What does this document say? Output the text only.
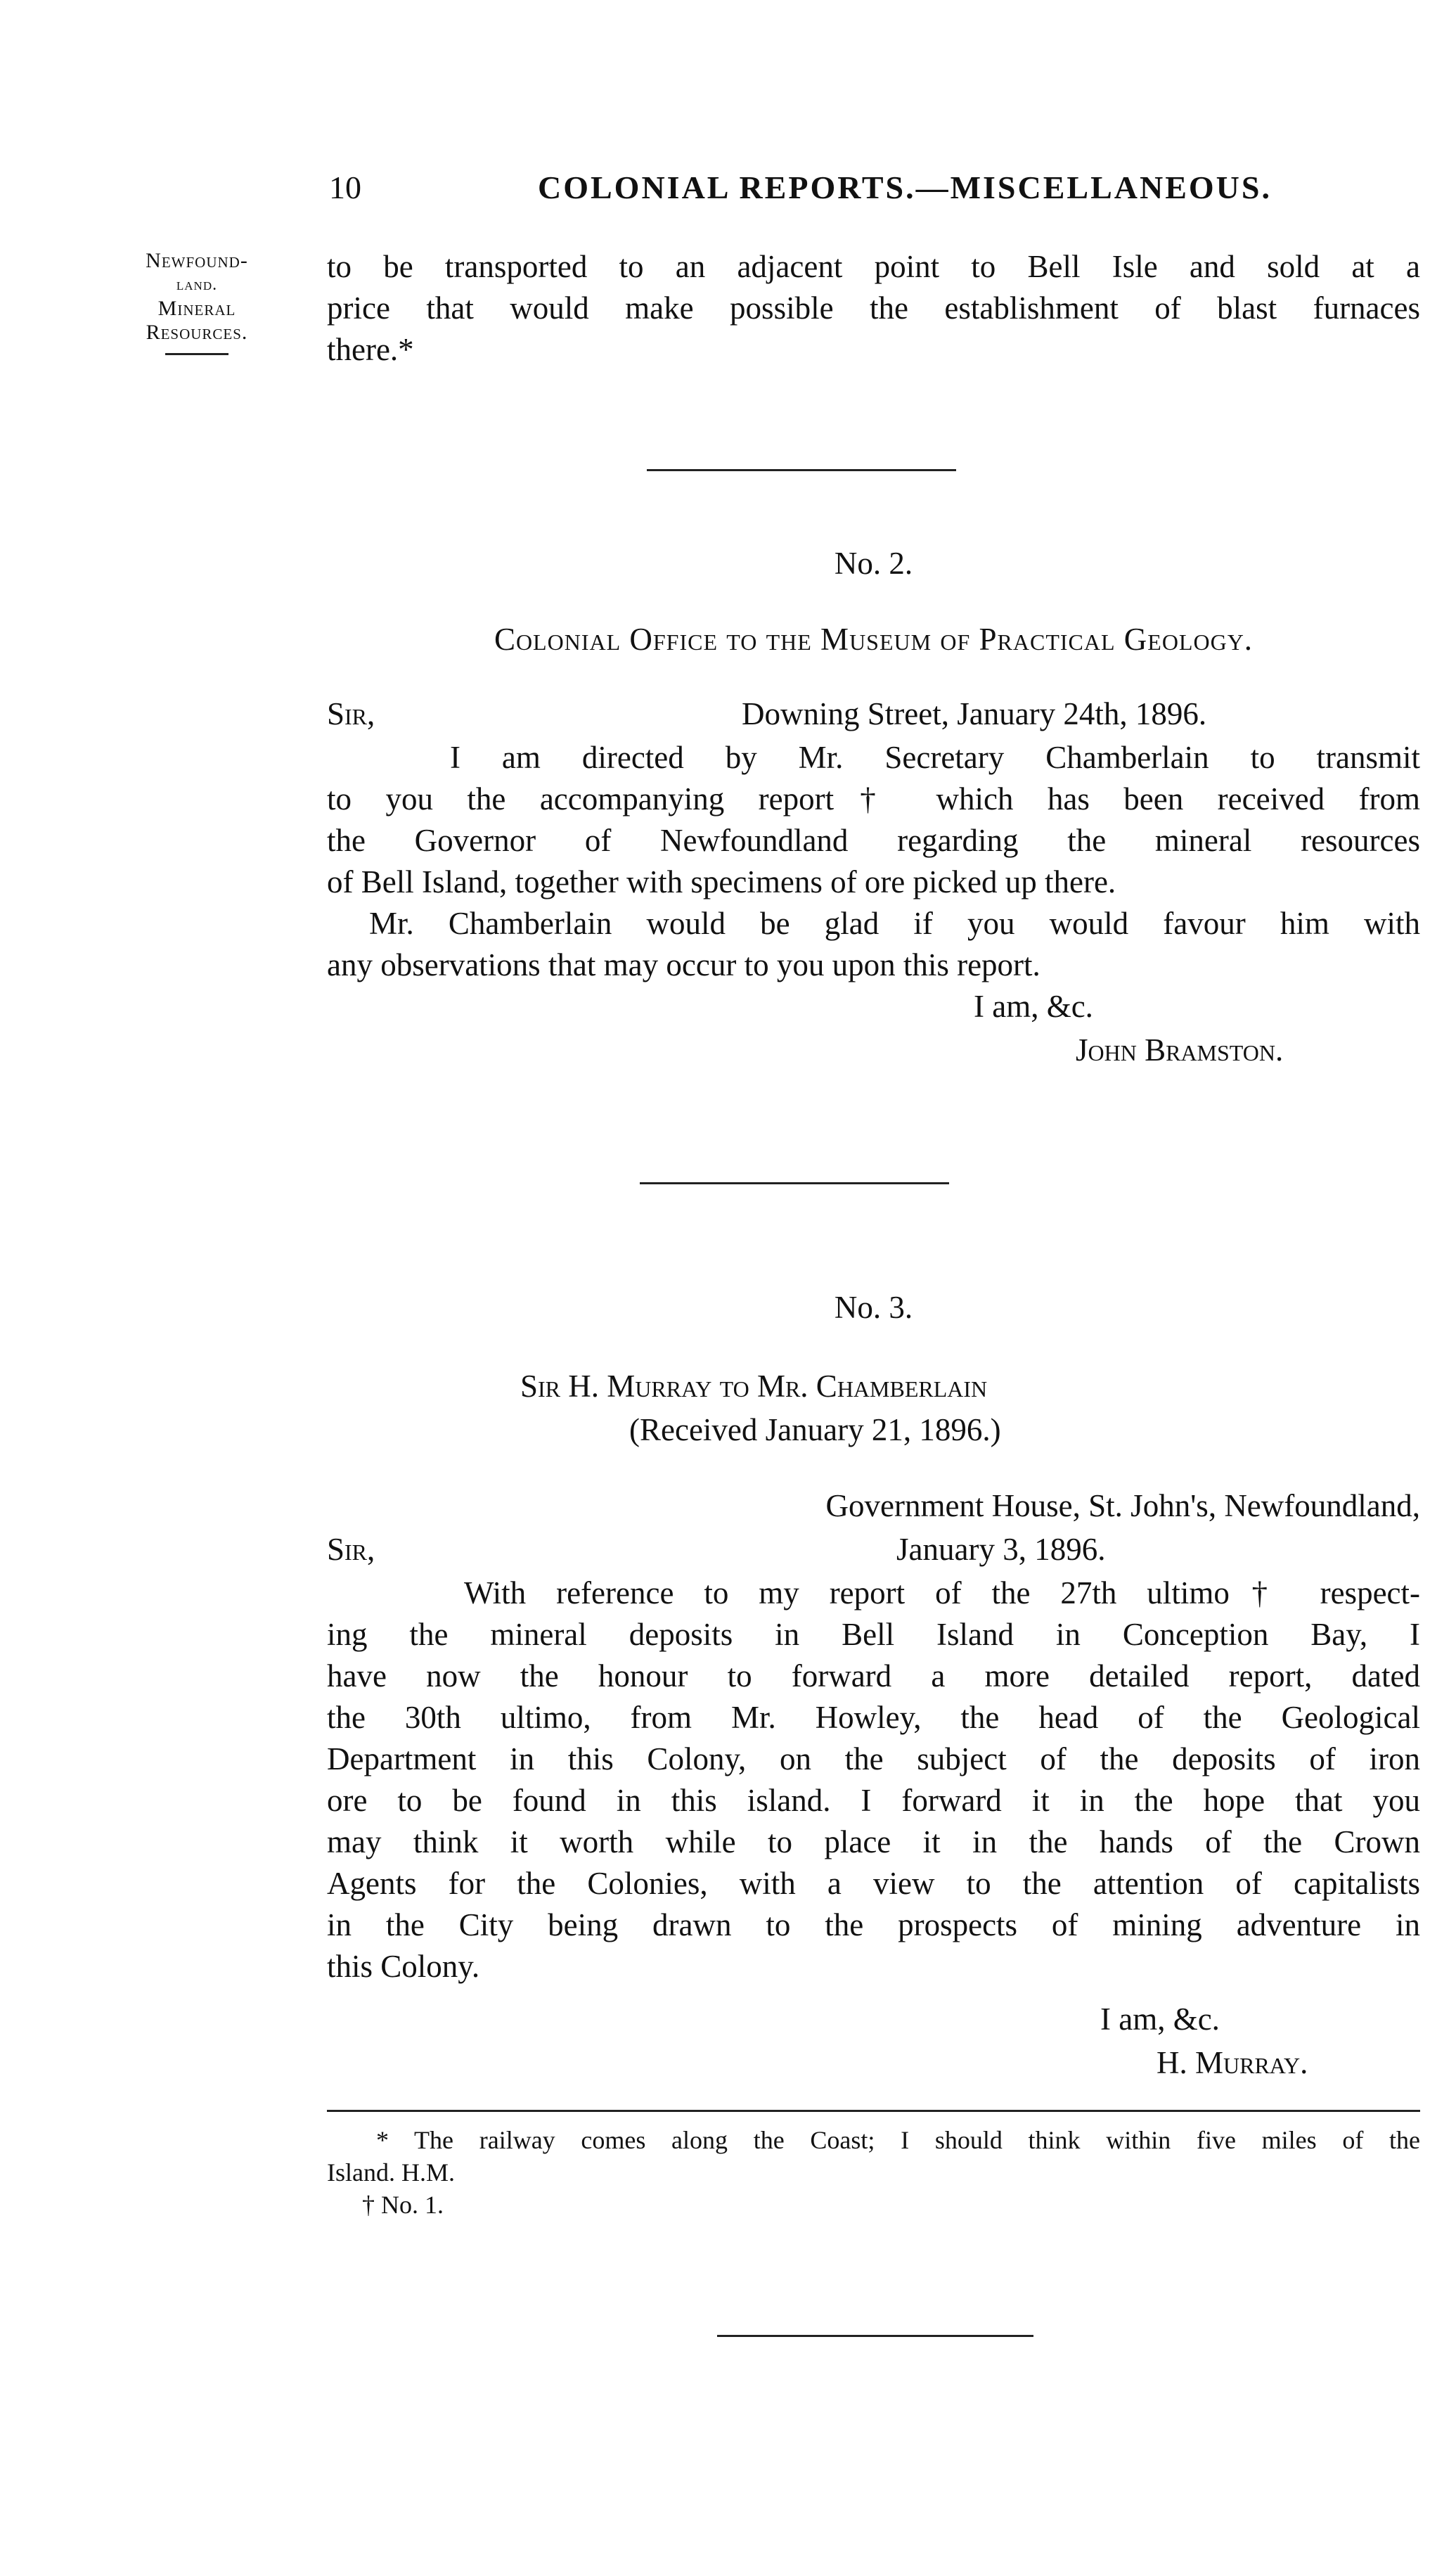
10	COLONIAL REPORTS.—MISCELLANEOUS.
Newfound-
land.
Mineral
Resources.
to be transported to an adjacent point to Bell Isle and sold at a
price that would make possible the establishment of blast furnaces
there.*
No. 2.
Colonial Office to the Museum of Practical Geology.
Sir,	Downing Street, January 24th, 1896.
I am directed by Mr. Secretary Chamberlain to transmit
to you the accompanying report† which has been received from
the Governor of Newfoundland regarding the mineral resources
of Bell Island, together with specimens of ore picked up there.
Mr. Chamberlain would be glad if you would favour him with
any observations that may occur to you upon this report.
I am, &c.
John Bramston.
No. 3.
Sir H. Murray to Mr. Chamberlain
(Received January 21, 1896.)
Government House, St. John's, Newfoundland,
Sir,	January 3, 1896.
With reference to my report of the 27th ultimo† respect-
ing the mineral deposits in Bell Island in Conception Bay, I
have now the honour to forward a more detailed report, dated
the 30th ultimo, from Mr. Howley, the head of the Geological
Department in this Colony, on the subject of the deposits of iron
ore to be found in this island. I forward it in the hope that you
may think it worth while to place it in the hands of the Crown
Agents for the Colonies, with a view to the attention of capitalists
in the City being drawn to the prospects of mining adventure in
this Colony.
I am, &c.
H. Murray.
* The railway comes along the Coast; I should think within five miles of the
Island. H.M.
† No. 1.
